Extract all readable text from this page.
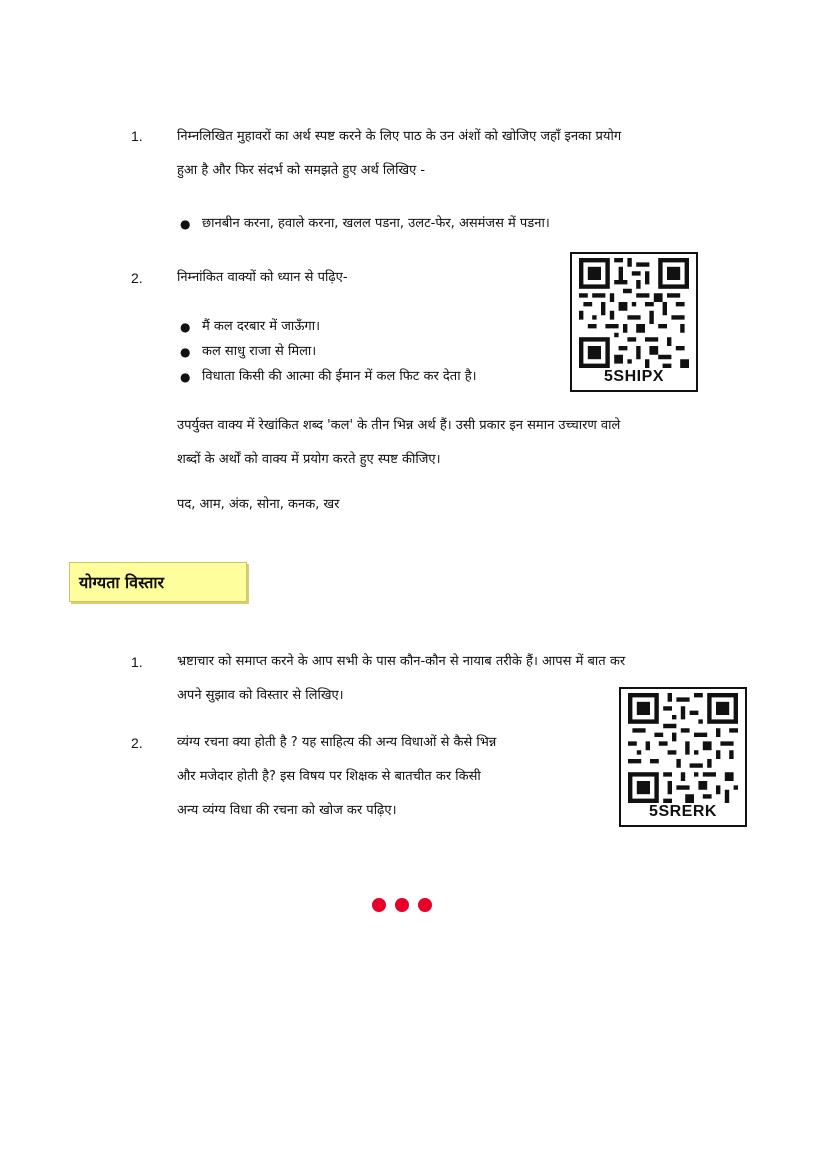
1.	निम्नलिखित मुहावरों का अर्थ स्पष्ट करने के लिए पाठ के उन अंशों को खोजिए जहाँ इनका प्रयोग
हुआ है और फिर संदर्भ को समझते हुए अर्थ लिखिए -
● छानबीन करना, हवाले करना, खलल पडना, उलट-फेर, असमंजस में पडना।
2.	निम्नांकित वाक्यों को ध्यान से पढ़िए-
● मैं कल दरबार में जाऊँगा।
● कल साधु राजा से मिला।
● विधाता किसी की आत्मा की ईमान में कल फिट कर देता है।
उपर्युक्त वाक्य में रेखांकित शब्द 'कल' के तीन भिन्न अर्थ हैं। उसी प्रकार इन समान उच्चारण वाले
शब्दों के अर्थों को वाक्य में प्रयोग करते हुए स्पष्ट कीजिए।
पद, आम, अंक, सोना, कनक, खर
5SHIPX
योग्यता विस्तार
1.	भ्रष्टाचार को समाप्त करने के आप सभी के पास कौन-कौन से नायाब तरीके हैं। आपस में बात कर
अपने सुझाव को विस्तार से लिखिए।
2.	व्यंग्य रचना क्या होती है ? यह साहित्य की अन्य विधाओं से कैसे भिन्न
और मजेदार होती है? इस विषय पर शिक्षक से बातचीत कर किसी
अन्य व्यंग्य विधा की रचना को खोज कर पढ़िए।	5SRERK
